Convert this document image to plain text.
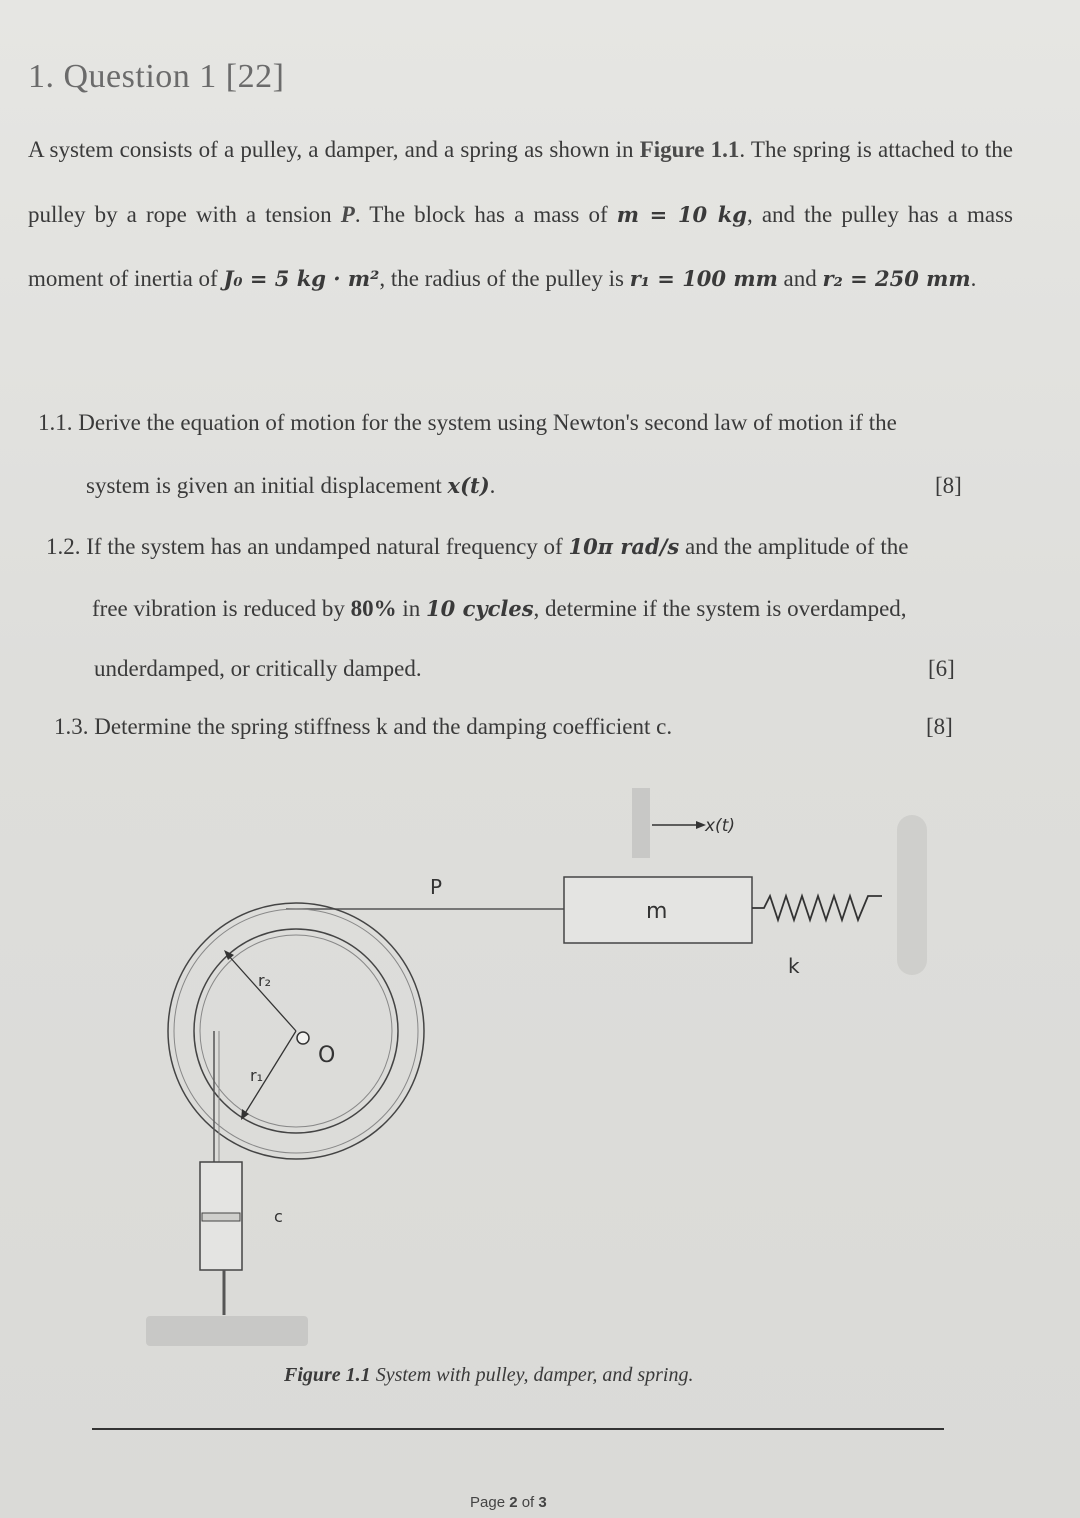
1. Question 1 [22]
A system consists of a pulley, a damper, and a spring as shown in Figure 1.1. The spring is attached to the pulley by a rope with a tension P. The block has a mass of m = 10 kg, and the pulley has a mass moment of inertia of J₀ = 5 kg · m², the radius of the pulley is r₁ = 100 mm and r₂ = 250 mm.
1.1. Derive the equation of motion for the system using Newton's second law of motion if the
system is given an initial displacement x(t).	[8]
1.2. If the system has an undamped natural frequency of 10π rad/s and the amplitude of the
free vibration is reduced by 80% in 10 cycles, determine if the system is overdamped,
underdamped, or critically damped.	[6]
1.3. Determine the spring stiffness k and the damping coefficient c.	[8]
x(t)
P
m
k
r₂
r₁
O
c
Figure 1.1 System with pulley, damper, and spring.
Page 2 of 3
